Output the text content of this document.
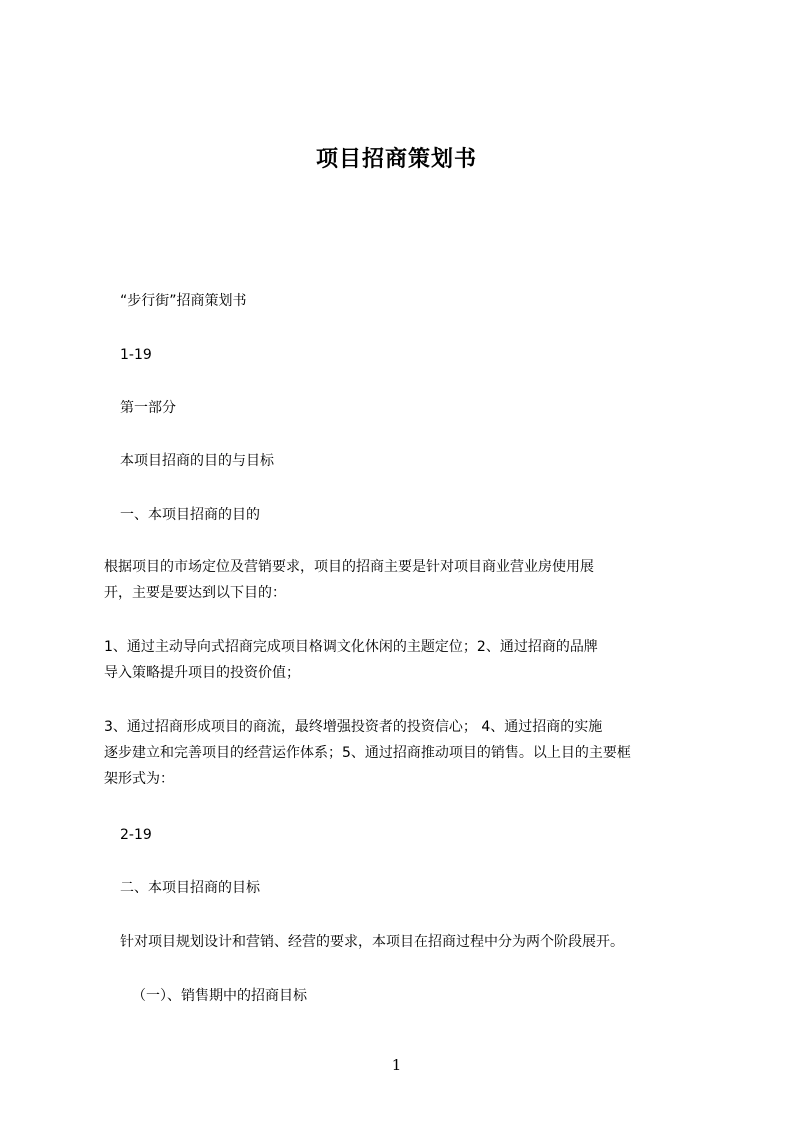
项目招商策划书
“步行街”招商策划书
1-19
第一部分
本项目招商的目的与目标
一、本项目招商的目的
根据项目的市场定位及营销要求，项目的招商主要是针对项目商业营业房使用展
开，主要是要达到以下目的：
1、通过主动导向式招商完成项目格调文化休闲的主题定位；2、通过招商的品牌
导入策略提升项目的投资价值；
3、通过招商形成项目的商流，最终增强投资者的投资信心； 4、通过招商的实施
逐步建立和完善项目的经营运作体系；5、通过招商推动项目的销售。以上目的主要框
架形式为：
2-19
二、本项目招商的目标
针对项目规划设计和营销、经营的要求，本项目在招商过程中分为两个阶段展开。
（一）、销售期中的招商目标
1
